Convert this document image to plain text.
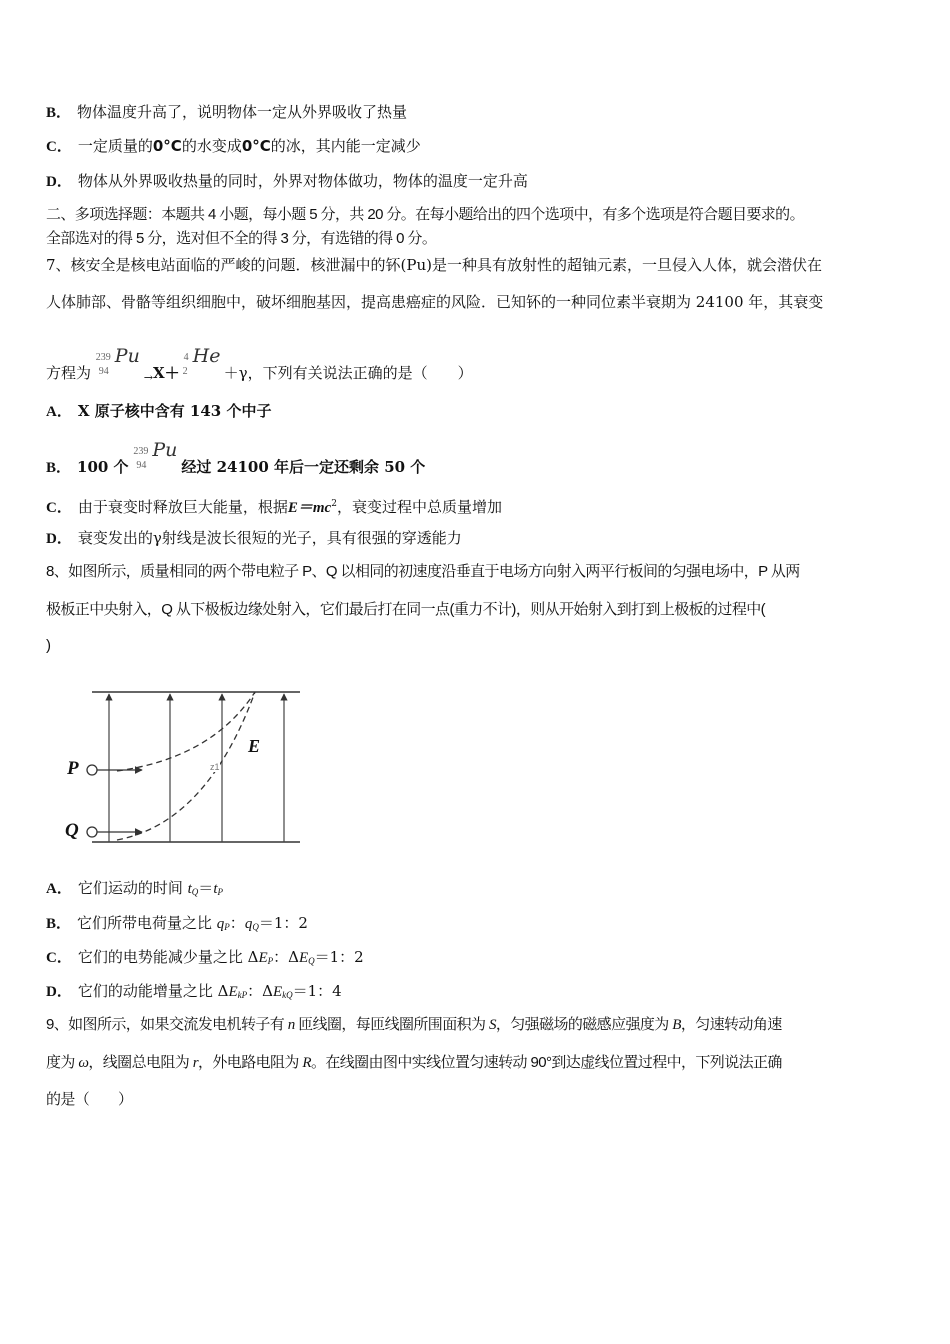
B． 物体温度升高了，说明物体一定从外界吸收了热量
C． 一定质量的0°C的水变成0°C的冰，其内能一定减少
D． 物体从外界吸收热量的同时，外界对物体做功，物体的温度一定升高
二、多项选择题：本题共 4 小题，每小题 5 分，共 20 分。在每小题给出的四个选项中，有多个选项是符合题目要求的。
全部选对的得 5 分，选对但不全的得 3 分，有选错的得 0 分。
7、核安全是核电站面临的严峻的问题．核泄漏中的钚(Pu)是一种具有放射性的超铀元素，一旦侵入人体，就会潜伏在
人体肺部、骨骼等组织细胞中，破坏细胞基因，提高患癌症的风险．已知钚的一种同位素半衰期为 24100 年，其衰变
方程为
239
94
Pu
$_\to$X＋
4
2
He
＋γ，下列有关说法正确的是（　　）
A． X 原子核中含有 143 个中子
B． 100 个
239
94
Pu
经过 24100 年后一定还剩余 50 个
C． 由于衰变时释放巨大能量，根据$E=mc^2$，衰变过程中总质量增加
D． 衰变发出的γ射线是波长很短的光子，具有很强的穿透能力
8、如图所示，质量相同的两个带电粒子 P、Q 以相同的初速度沿垂直于电场方向射入两平行板间的匀强电场中，P 从两
极板正中央射入，Q 从下极板边缘处射入，它们最后打在同一点(重力不计)，则从开始射入到打到上极板的过程中(
)
P
Q
E
z1
A． 它们运动的时间 $t_Q=t_P$
B． 它们所带电荷量之比 $q_P$：$q_Q=1$：2
C． 它们的电势能减少量之比 $\Delta E_P$：$\Delta E_Q=1$：2
D． 它们的动能增量之比 $\Delta E_{kP}$：$\Delta E_{kQ}=1$：4
9、如图所示，如果交流发电机转子有 n 匝线圈，每匝线圈所围面积为 S，匀强磁场的磁感应强度为 B，匀速转动角速
度为 ω，线圈总电阻为 r，外电路电阻为 R。在线圈由图中实线位置匀速转动 90°到达虚线位置过程中，下列说法正确
的是（　　）
